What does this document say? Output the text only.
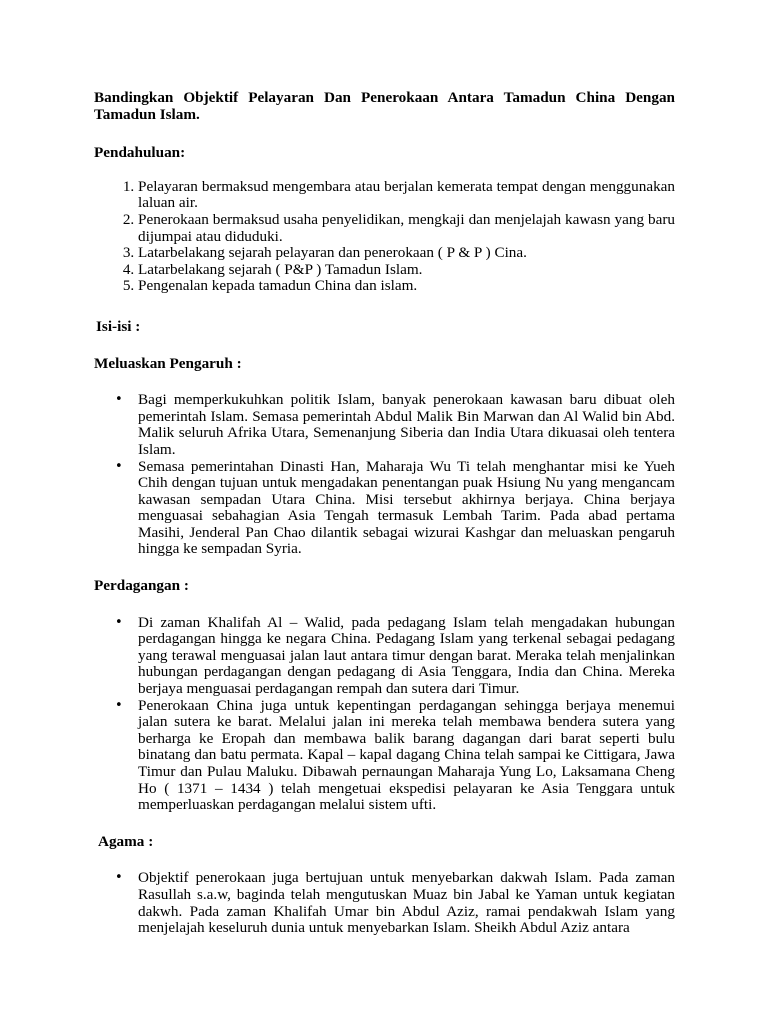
Bandingkan Objektif Pelayaran Dan Penerokaan Antara Tamadun China Dengan Tamadun Islam.

Pendahuluan:

1. Pelayaran bermaksud mengembara atau berjalan kemerata tempat dengan menggunakan laluan air.
2. Penerokaan bermaksud usaha penyelidikan, mengkaji dan menjelajah kawasn yang baru dijumpai atau diduduki.
3. Latarbelakang sejarah pelayaran dan penerokaan ( P & P ) Cina.
4. Latarbelakang sejarah ( P&P ) Tamadun Islam.
5. Pengenalan kepada tamadun China dan islam.

Isi-isi :

Meluaskan Pengaruh :

• Bagi memperkukuhkan politik Islam, banyak penerokaan kawasan baru dibuat oleh pemerintah Islam. Semasa pemerintah Abdul Malik Bin Marwan dan Al Walid bin Abd. Malik seluruh Afrika Utara, Semenanjung Siberia dan India Utara dikuasai oleh tentera Islam.
• Semasa pemerintahan Dinasti Han, Maharaja Wu Ti telah menghantar misi ke Yueh Chih dengan tujuan untuk mengadakan penentangan puak Hsiung Nu yang mengancam kawasan sempadan Utara China. Misi tersebut akhirnya berjaya. China berjaya menguasai sebahagian Asia Tengah termasuk Lembah Tarim. Pada abad pertama Masihi, Jenderal Pan Chao dilantik sebagai wizurai Kashgar dan meluaskan pengaruh hingga ke sempadan Syria.

Perdagangan :

• Di zaman Khalifah Al – Walid, pada pedagang Islam telah mengadakan hubungan perdagangan hingga ke negara China. Pedagang Islam yang terkenal sebagai pedagang yang terawal menguasai jalan laut antara timur dengan barat. Meraka telah menjalinkan hubungan perdagangan dengan pedagang di Asia Tenggara, India dan China. Mereka berjaya menguasai perdagangan rempah dan sutera dari Timur.
• Penerokaan China juga untuk kepentingan perdagangan sehingga berjaya menemui jalan sutera ke barat. Melalui jalan ini mereka telah membawa bendera sutera yang berharga ke Eropah dan membawa balik barang dagangan dari barat seperti bulu binatang dan batu permata. Kapal – kapal dagang China telah sampai ke Cittigara, Jawa Timur dan Pulau Maluku. Dibawah pernaungan Maharaja Yung Lo, Laksamana Cheng Ho ( 1371 – 1434 ) telah mengetuai ekspedisi pelayaran ke Asia Tenggara untuk memperluaskan perdagangan melalui sistem ufti.

Agama :

• Objektif penerokaan juga bertujuan untuk menyebarkan dakwah Islam. Pada zaman Rasullah s.a.w, baginda telah mengutuskan Muaz bin Jabal ke Yaman untuk kegiatan dakwh. Pada zaman Khalifah Umar bin Abdul Aziz, ramai pendakwah Islam yang menjelajah keseluruh dunia untuk menyebarkan Islam. Sheikh Abdul Aziz antara
